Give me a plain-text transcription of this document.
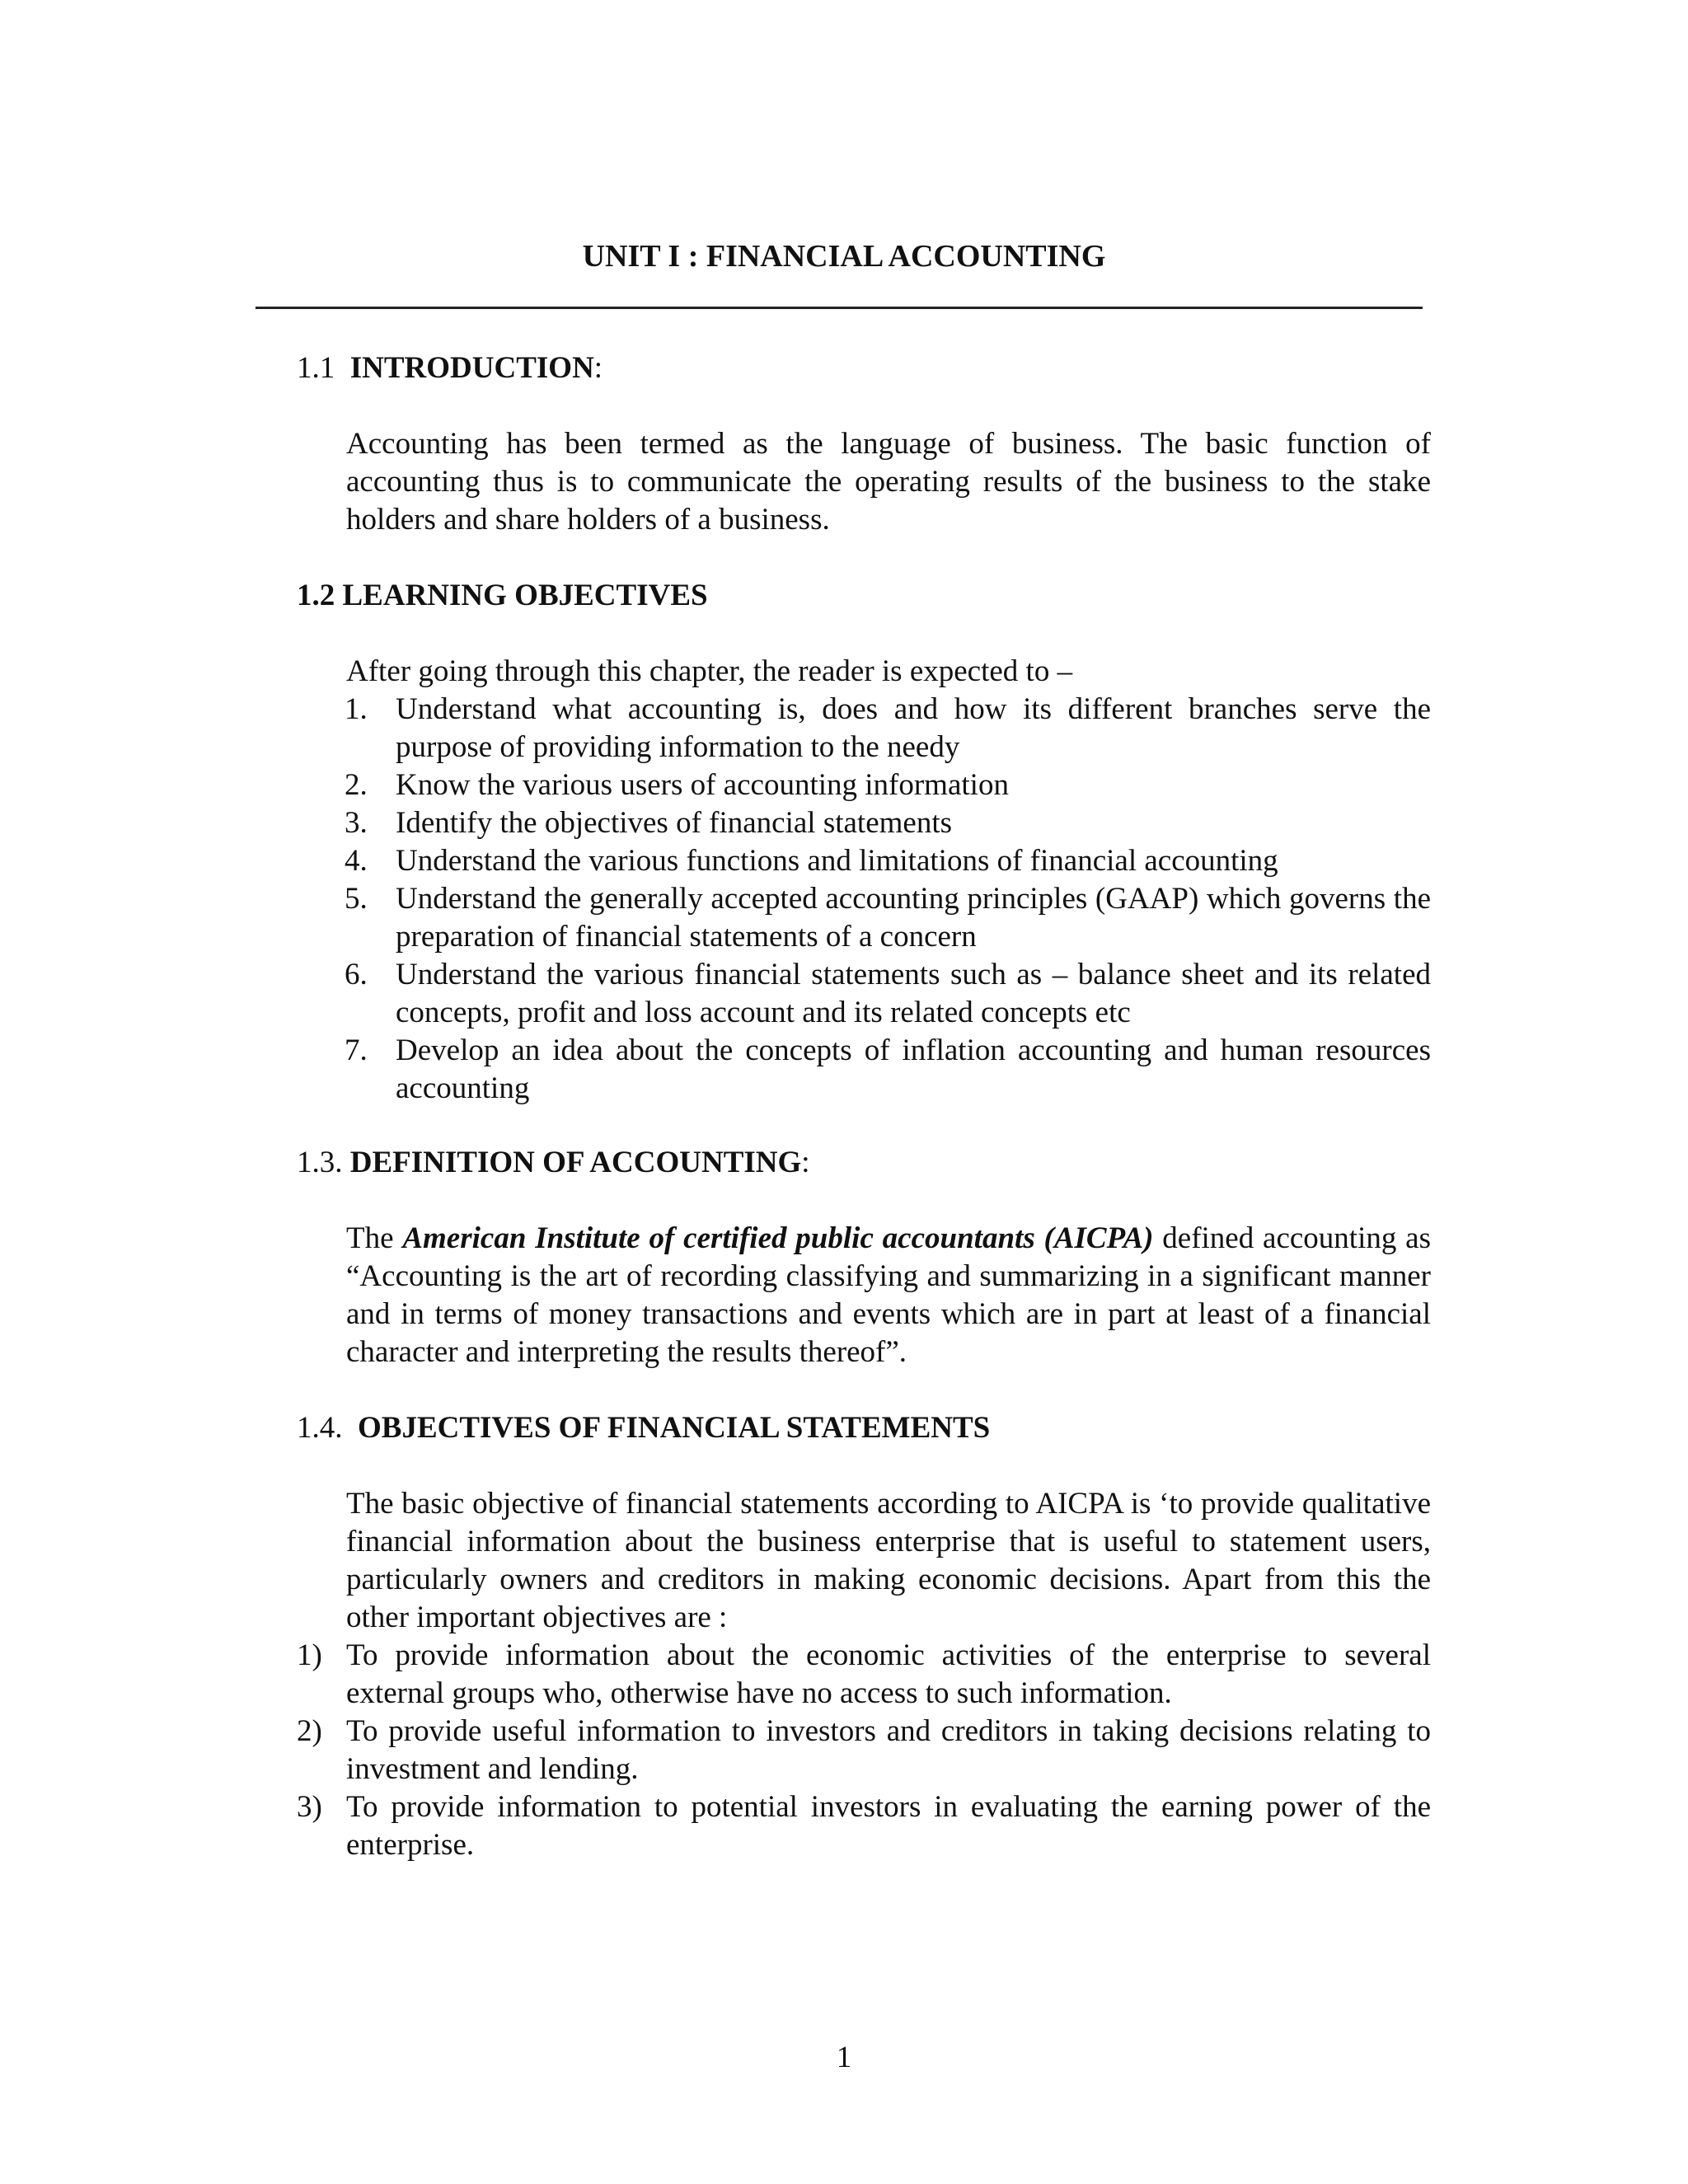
UNIT I : FINANCIAL ACCOUNTING
1.1 INTRODUCTION:
Accounting has been termed as the language of business. The basic function of accounting thus is to communicate the operating results of the business to the stake holders and share holders of a business.
1.2 LEARNING OBJECTIVES
After going through this chapter, the reader is expected to –
1. Understand what accounting is, does and how its different branches serve the purpose of providing information to the needy
2. Know the various users of accounting information
3. Identify the objectives of financial statements
4. Understand the various functions and limitations of financial accounting
5. Understand the generally accepted accounting principles (GAAP) which governs the preparation of financial statements of a concern
6. Understand the various financial statements such as – balance sheet and its related concepts, profit and loss account and its related concepts etc
7. Develop an idea about the concepts of inflation accounting and human resources accounting
1.3. DEFINITION OF ACCOUNTING:
The American Institute of certified public accountants (AICPA) defined accounting as “Accounting is the art of recording classifying and summarizing in a significant manner and in terms of money transactions and events which are in part at least of a financial character and interpreting the results thereof”.
1.4. OBJECTIVES OF FINANCIAL STATEMENTS
The basic objective of financial statements according to AICPA is ‘to provide qualitative financial information about the business enterprise that is useful to statement users, particularly owners and creditors in making economic decisions. Apart from this the other important objectives are :
1) To provide information about the economic activities of the enterprise to several external groups who, otherwise have no access to such information.
2) To provide useful information to investors and creditors in taking decisions relating to investment and lending.
3) To provide information to potential investors in evaluating the earning power of the enterprise.
1
